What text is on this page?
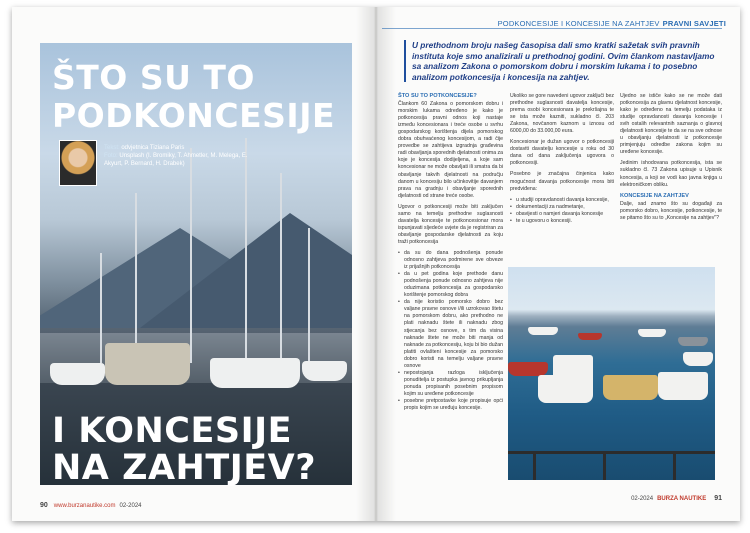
ŠTO SU TO
PODKONCESIJE
Tekst: odvjetnica Tiziana Paris
Foto: Unsplash (I. Bromiky, T. Ahmetler, M. Melega, E. Akyurt, P. Bernard, H. Drabek)
I KONCESIJE
NA ZAHTJEV?
90 www.burzanautike.com 02-2024
PODKONCESIJE I KONCESIJE NA ZAHTJEV PRAVNI SAVJETI
U prethodnom broju našeg časopisa dali smo kratki sažetak svih pravnih instituta koje smo analizirali u prethodnoj godini. Ovim člankom nastavljamo sa analizom Zakona o pomorskom dobru i morskim lukama i to posebno analizom potkoncesija i koncesija na zahtjev.
ŠTO SU TO POTKONCESIJE?

Člankom 60 Zakona o pomorskom dobru i morskim lukama određeno je kako je potkoncesija pravni odnos koji nastaje između koncesionara i treće osobe u svrhu gospodarskog korištenja dijela pomorskog dobra obuhvaćenog koncesijom, a radi čije provedbe se zahtijeva izgradnja građevina radi obavljanja sporednih djelatnosti onima za koje je koncesija dodijeljena, a koje sam koncesionar ne može obavljati ili smatra da bi obavljanje takvih djelatnosti na području danom u koncesiju bilo učinkovitije davanjem prava na gradnju i obavljanje sporednih djelatnosti od strane treće osobe.

Ugovor o potkoncesiji može biti zaključen samo na temelju prethodne suglasnosti davatelja koncesije te potkoncesionar mora ispunjavati sljedeće uvjete da je registriran za obavljanje gospodarske djelatnosti za koju traži potkoncesija

• da su do dana podnošenja ponude odnosno zahtjeva podmirene sve obveze iz prijašnjih potkoncesija
• da u pet godina koje prethode danu podnošenja ponude odnosno zahtjeva nije oduzimana potkoncesija za gospodarsko korištenje pomorskog dobra
• da nije koristio pomorsko dobro bez valjane pravne osnove i/ili uzrokovao štetu na pomorskom dobru, ako prethodno ne plati naknadu štete ili naknadu zbog stjecanja bez osnove, s tim da visina naknade štete ne može biti manja od naknade za potkoncesiju, koju bi bio dužan platiti ovlašteni koncesije za pomorsko dobro koristi na temelju valjane pravne osnove
• nepostojanja razloga isključenja ponuditelja iz postupka javnog prikupljanja ponuda propisanih posebnim propisom kojim su uređene potkoncesije
• posebne pretpostavke koje propisuje opći propis kojim se uređuju koncesije.

Ukoliko se gore navedeni ugovor zaključi bez prethodne suglasnosti davatelja koncesije, prema osobi koncesionara je prekršajna te se ista može kazniti, sukladno čl. 203 Zakona, novčanom kaznom u iznosu od 6000,00 do 33.000,00 eura.

Koncesionar je dužan ugovor o potkoncesiji dostaviti davatelju koncesije u roku od 30 dana od dana zaključenja ugovora o potkoncesiji.

Posebno je značajna činjenica kako mogućnost davanja potkoncesije mora biti predviđena:

• u studiji opravdanosti davanja koncesije,
• dokumentaciji za nadmetanje,
• obavijesti o namjeri davanja koncesije
• te u ugovoru o koncesiji.

Ujedno se ističe kako se ne može dati potkoncesija za glavnu djelatnost koncesije, kako je određeno na temelju podataka iz studije opravdanosti davanja koncesije i svih ostalih relevantnih saznanja o glavnoj djelatnosti koncesije te da se na sve odnose u obavljanju djelatnosti iz potkoncesije primjenjuju odredbe zakona kojim su uređene koncesije.

Jedinim ishodovana potkoncesija, ista se sukladno čl. 73 Zakona upisuje u Upisnik koncesija, a koji se vodi kao javna knjiga u elektroničkom obliku.

KONCESIJE NA ZAHTJEV

Dalje, sad znamo što su događaji za pomorsko dobro, koncesije, potkoncesije, te se pitamo što su to „Koncesije na zahtjev"?

02-2024 BURZA NAUTIKE 91
